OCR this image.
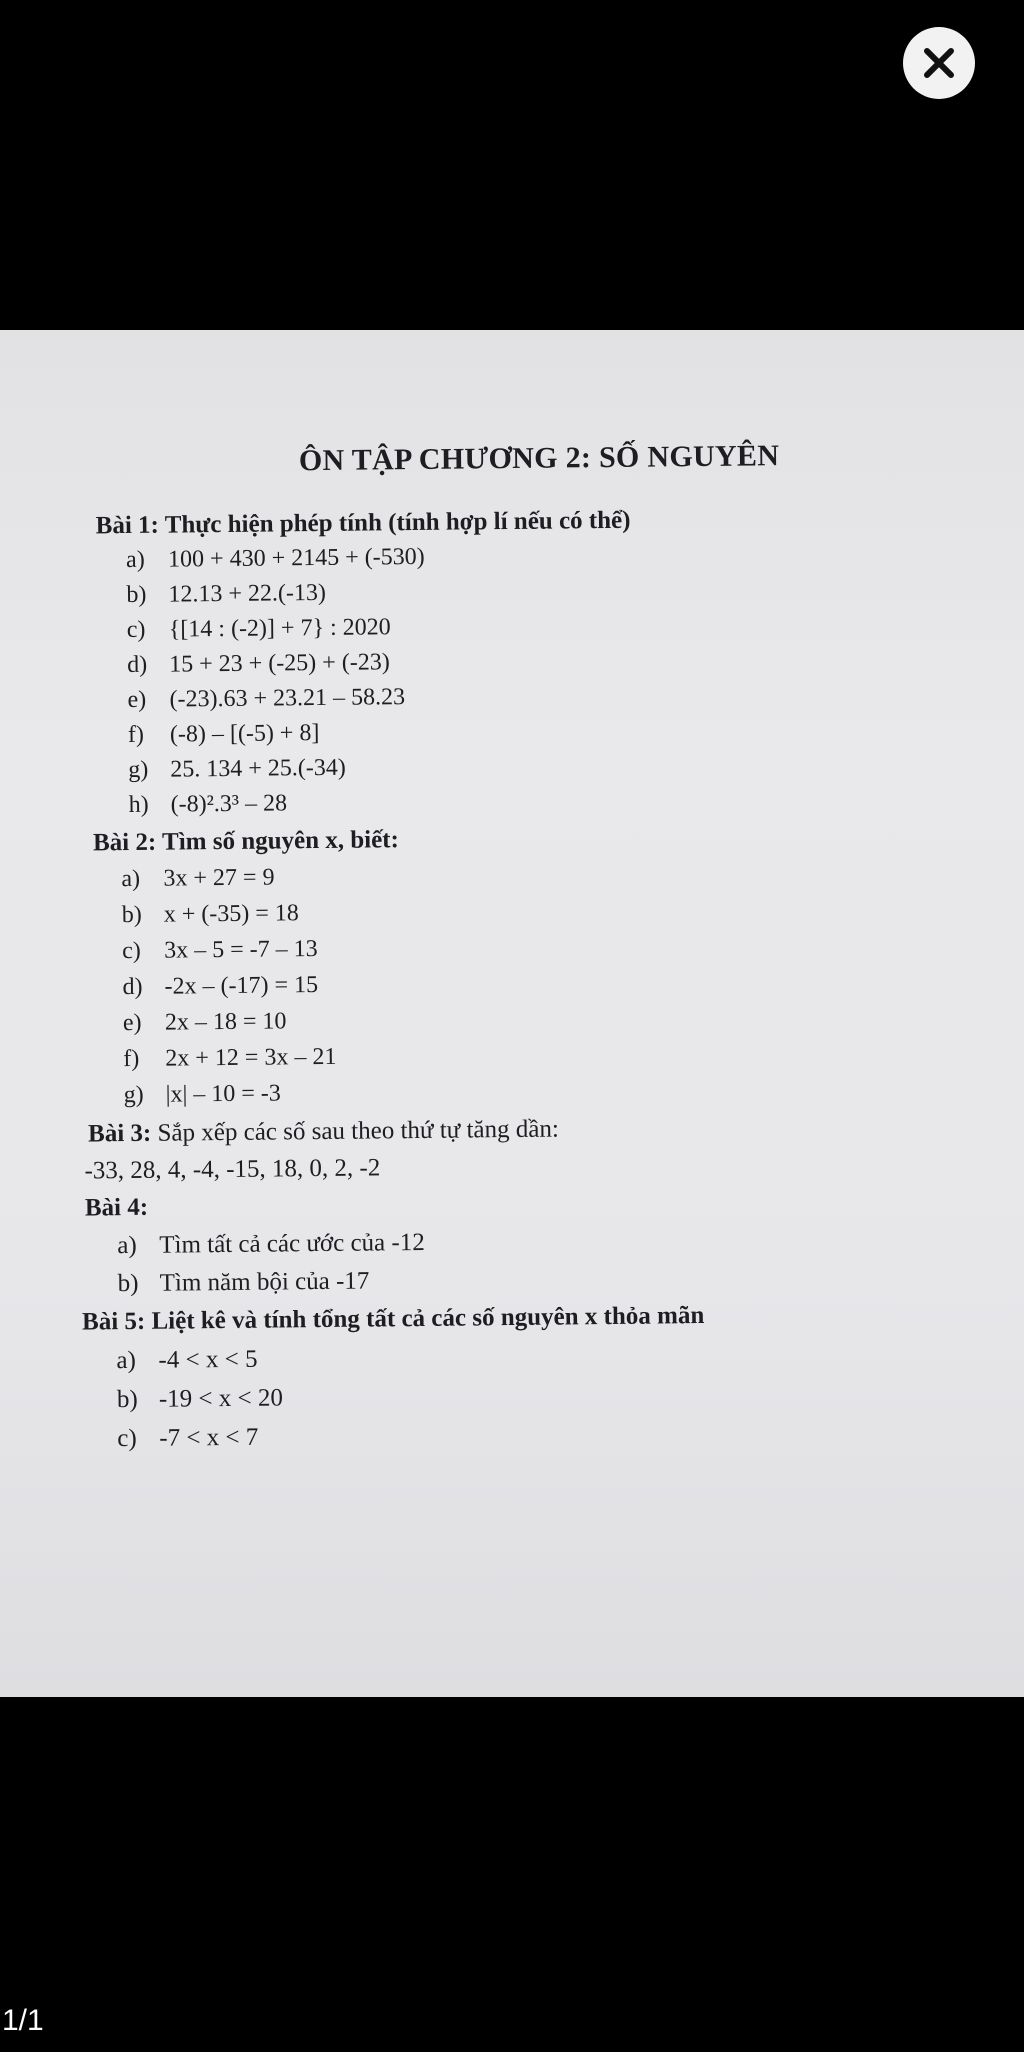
ÔN TẬP CHƯƠNG 2: SỐ NGUYÊN
Bài 1: Thực hiện phép tính (tính hợp lí nếu có thể)
a) 100 + 430 + 2145 + (-530)
b) 12.13 + 22.(-13)
c) {[14 : (-2)] + 7} : 2020
d) 15 + 23 + (-25) + (-23)
e) (-23).63 + 23.21 – 58.23
f) (-8) – [(-5) + 8]
g) 25. 134 + 25.(-34)
h) (-8)².3³ – 28
Bài 2: Tìm số nguyên x, biết:
a) 3x + 27 = 9
b) x + (-35) = 18
c) 3x – 5 = -7 – 13
d) -2x – (-17) = 15
e) 2x – 18 = 10
f) 2x + 12 = 3x – 21
g) |x| – 10 = -3
Bài 3: Sắp xếp các số sau theo thứ tự tăng dần:
-33, 28, 4, -4, -15, 18, 0, 2, -2
Bài 4:
a) Tìm tất cả các ước của -12
b) Tìm năm bội của -17
Bài 5: Liệt kê và tính tổng tất cả các số nguyên x thỏa mãn
a) -4 < x < 5
b) -19 < x < 20
c) -7 < x < 7
1/1
